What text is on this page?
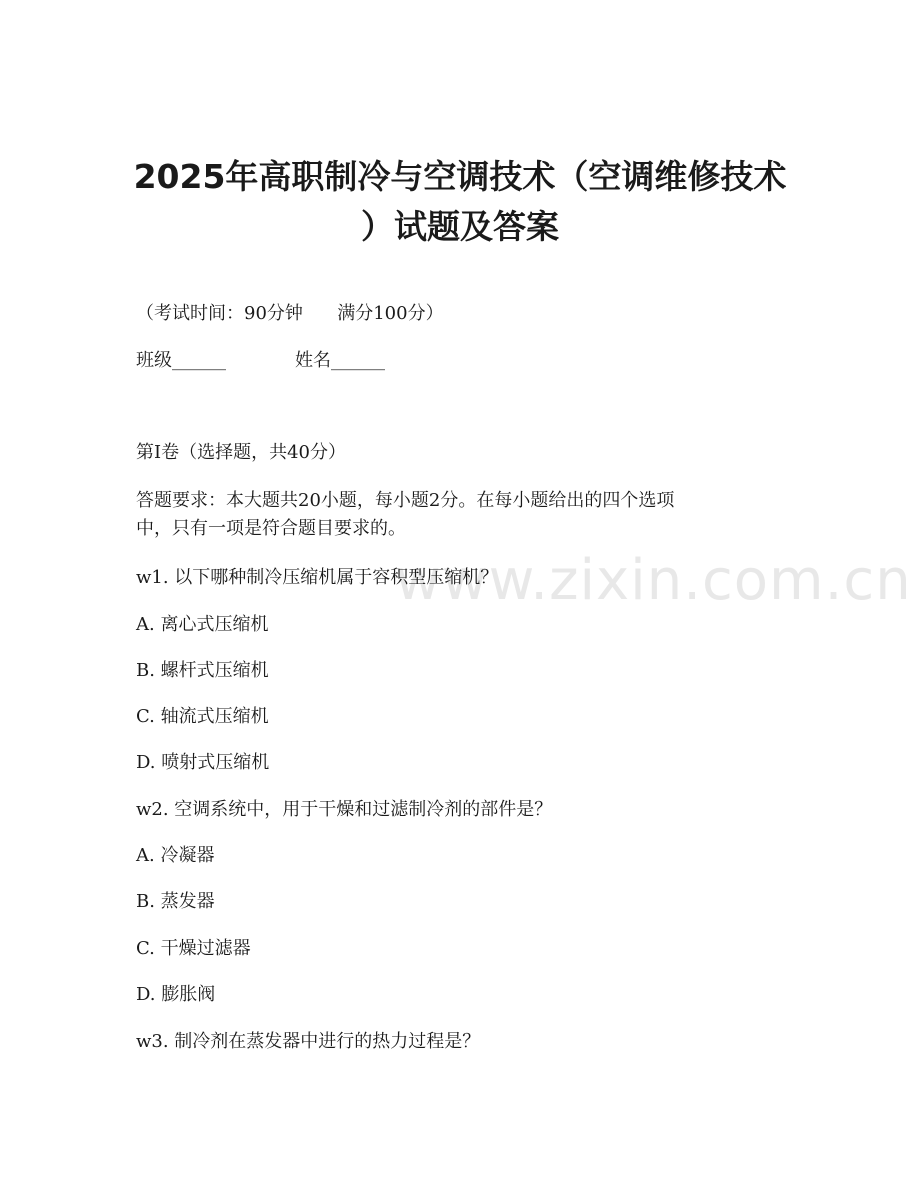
www.zixin.com.cn
2025年高职制冷与空调技术（空调维修技术
）试题及答案
（考试时间：90分钟      满分100分）
班级______	姓名______
第I卷（选择题，共40分）
答题要求：本大题共20小题，每小题2分。在每小题给出的四个选项
中，只有一项是符合题目要求的。
w1. 以下哪种制冷压缩机属于容积型压缩机？
A. 离心式压缩机
B. 螺杆式压缩机
C. 轴流式压缩机
D. 喷射式压缩机
w2. 空调系统中，用于干燥和过滤制冷剂的部件是？
A. 冷凝器
B. 蒸发器
C. 干燥过滤器
D. 膨胀阀
w3. 制冷剂在蒸发器中进行的热力过程是？
